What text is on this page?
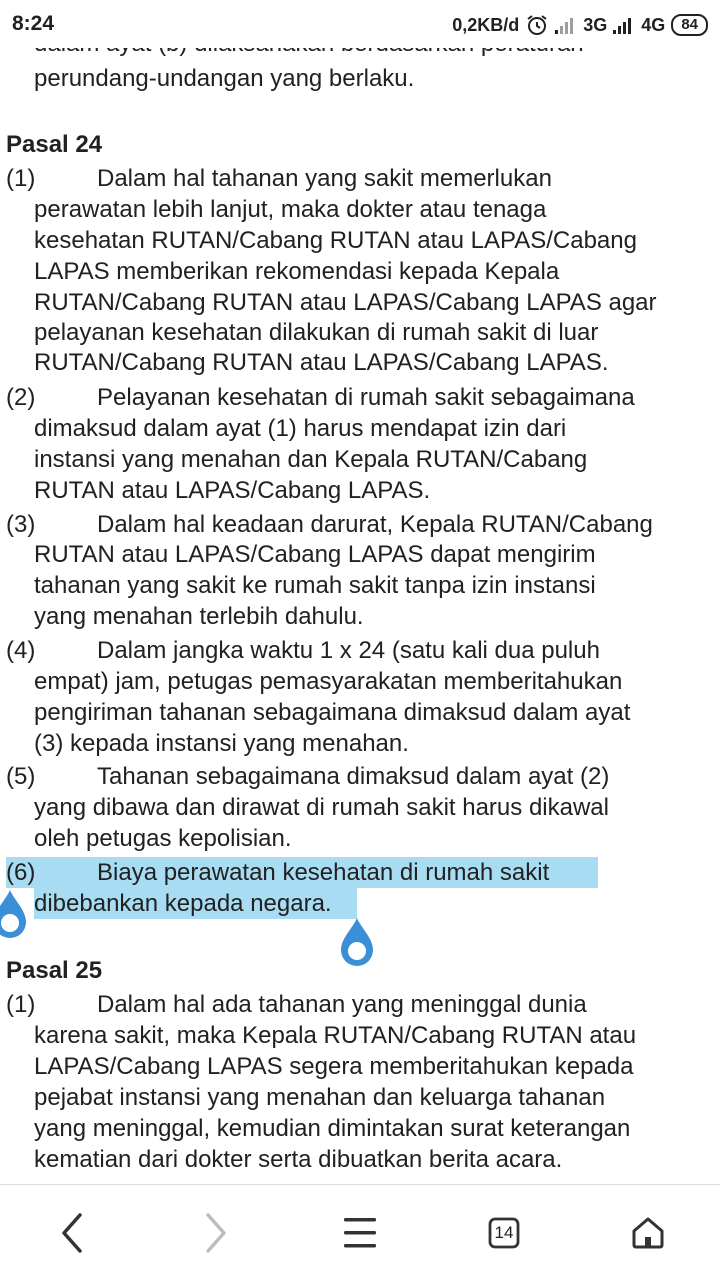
8:24	0,2KB/d	3G 4G	84
perundang-undangan yang berlaku.
Pasal 24
(1)	Dalam hal tahanan yang sakit memerlukan
perawatan lebih lanjut, maka dokter atau tenaga
kesehatan RUTAN/Cabang RUTAN atau LAPAS/Cabang
LAPAS memberikan rekomendasi kepada Kepala
RUTAN/Cabang RUTAN atau LAPAS/Cabang LAPAS agar
pelayanan kesehatan dilakukan di rumah sakit di luar
RUTAN/Cabang RUTAN atau LAPAS/Cabang LAPAS.
(2)	Pelayanan kesehatan di rumah sakit sebagaimana
dimaksud dalam ayat (1) harus mendapat izin dari
instansi yang menahan dan Kepala RUTAN/Cabang
RUTAN atau LAPAS/Cabang LAPAS.
(3)	Dalam hal keadaan darurat, Kepala RUTAN/Cabang
RUTAN atau LAPAS/Cabang LAPAS dapat mengirim
tahanan yang sakit ke rumah sakit tanpa izin instansi
yang menahan terlebih dahulu.
(4)	Dalam jangka waktu 1 x 24 (satu kali dua puluh
empat) jam, petugas pemasyarakatan memberitahukan
pengiriman tahanan sebagaimana dimaksud dalam ayat
(3) kepada instansi yang menahan.
(5)	Tahanan sebagaimana dimaksud dalam ayat (2)
yang dibawa dan dirawat di rumah sakit harus dikawal
oleh petugas kepolisian.
(6)	Biaya perawatan kesehatan di rumah sakit
dibebankan kepada negara.
Pasal 25
(1)	Dalam hal ada tahanan yang meninggal dunia
karena sakit, maka Kepala RUTAN/Cabang RUTAN atau
LAPAS/Cabang LAPAS segera memberitahukan kepada
pejabat instansi yang menahan dan keluarga tahanan
yang meninggal, kemudian dimintakan surat keterangan
kematian dari dokter serta dibuatkan berita acara.
14
